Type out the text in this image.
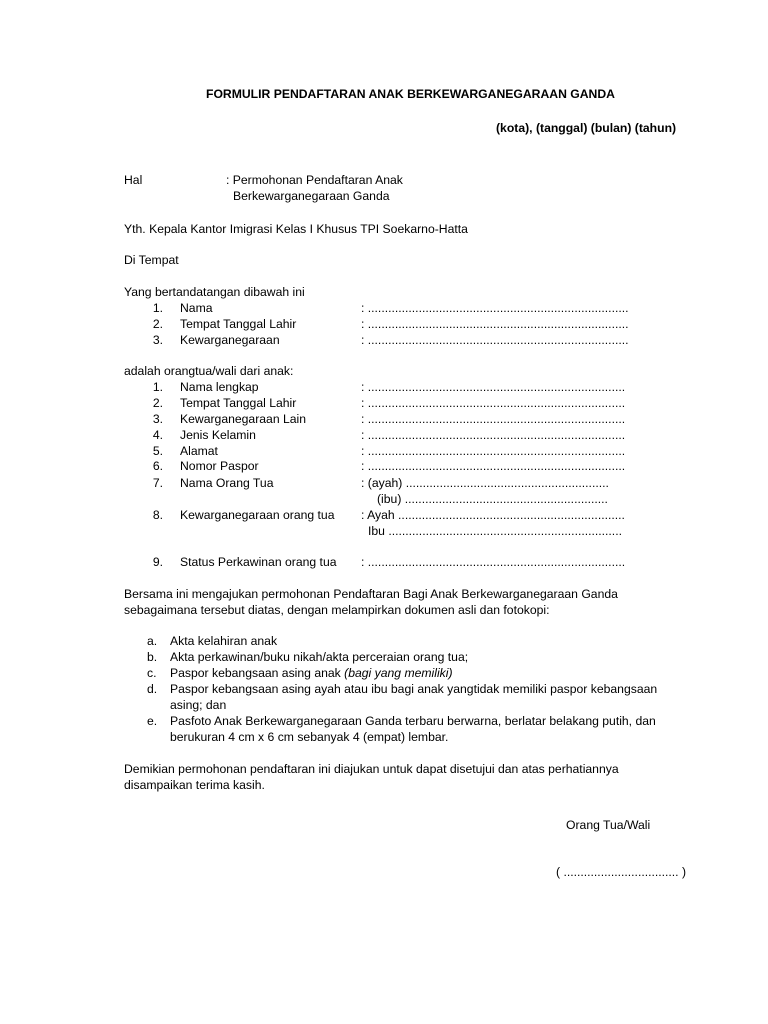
FORMULIR PENDAFTARAN ANAK BERKEWARGANEGARAAN GANDA
(kota), (tanggal) (bulan) (tahun)
Hal	: Permohonan Pendaftaran Anak
Berkewarganegaraan Ganda
Yth. Kepala Kantor Imigrasi Kelas I Khusus TPI Soekarno-Hatta
Di Tempat
Yang bertandatangan dibawah ini
1. Nama	: .............................................................................
2. Tempat Tanggal Lahir	: .............................................................................
3. Kewarganegaraan	: .............................................................................
adalah orangtua/wali dari anak:
1. Nama lengkap	: ............................................................................
2. Tempat Tanggal Lahir	: ............................................................................
3. Kewarganegaraan Lain	: ............................................................................
4. Jenis Kelamin	: ............................................................................
5. Alamat	: ............................................................................
6. Nomor Paspor	: ............................................................................
7. Nama Orang Tua	: (ayah) ............................................................
(ibu) ............................................................
8. Kewarganegaraan orang tua : Ayah ...................................................................
Ibu .....................................................................
9. Status Perkawinan orang tua : ............................................................................
Bersama ini mengajukan permohonan Pendaftaran Bagi Anak Berkewarganegaraan Ganda
sebagaimana tersebut diatas, dengan melampirkan dokumen asli dan fotokopi:
a. Akta kelahiran anak
b. Akta perkawinan/buku nikah/akta perceraian orang tua;
c. Paspor kebangsaan asing anak (bagi yang memiliki)
d. Paspor kebangsaan asing ayah atau ibu bagi anak yangtidak memiliki paspor kebangsaan
asing; dan
e. Pasfoto Anak Berkewarganegaraan Ganda terbaru berwarna, berlatar belakang putih, dan
berukuran 4 cm x 6 cm sebanyak 4 (empat) lembar.
Demikian permohonan pendaftaran ini diajukan untuk dapat disetujui dan atas perhatiannya
disampaikan terima kasih.
Orang Tua/Wali
( .................................. )
